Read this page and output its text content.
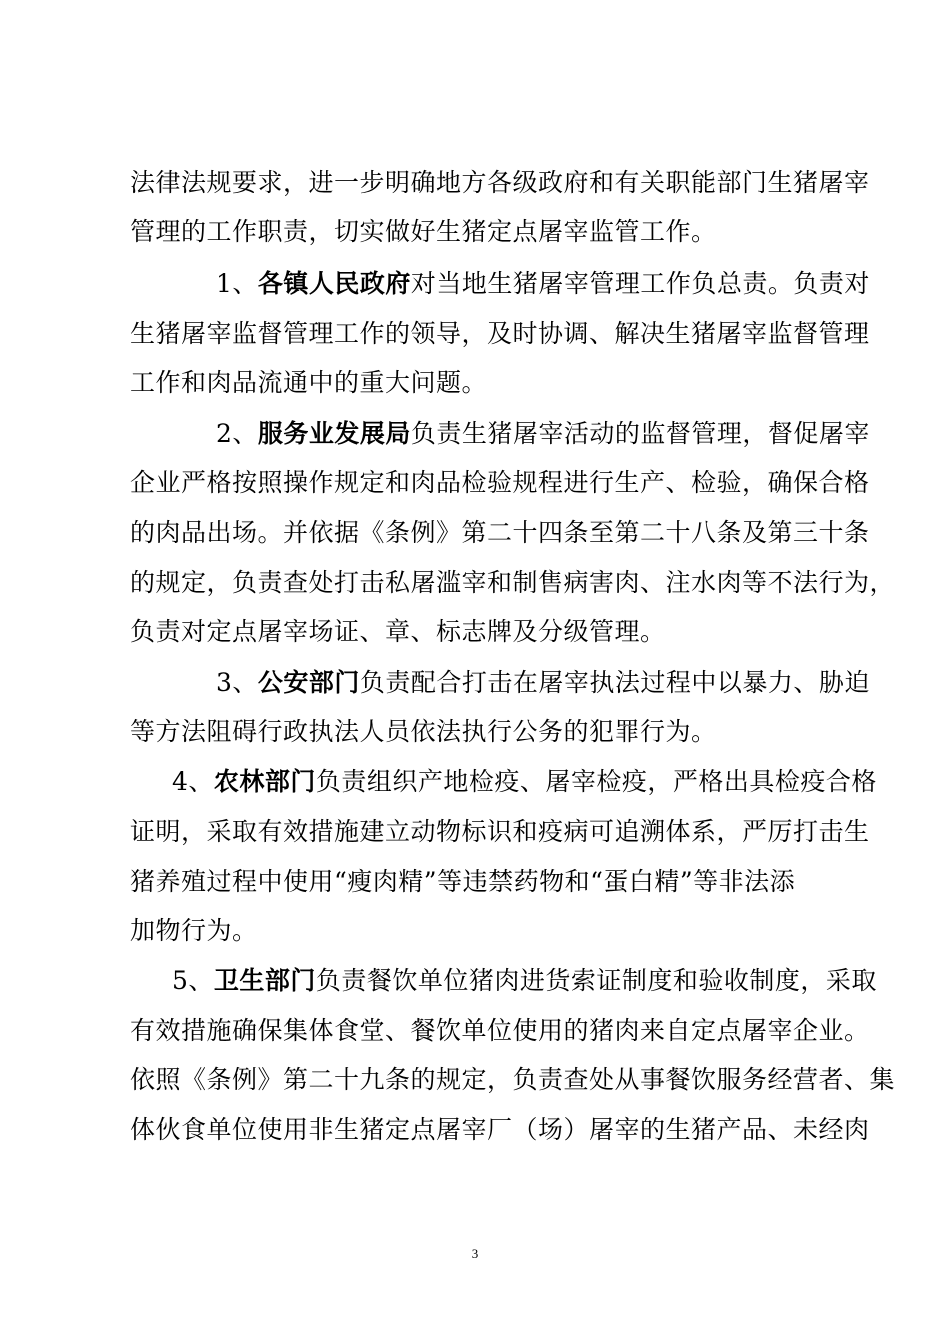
法律法规要求，进一步明确地方各级政府和有关职能部门生猪屠宰
管理的工作职责，切实做好生猪定点屠宰监管工作。
1、各镇人民政府对当地生猪屠宰管理工作负总责。负责对
生猪屠宰监督管理工作的领导，及时协调、解决生猪屠宰监督管理
工作和肉品流通中的重大问题。
2、服务业发展局负责生猪屠宰活动的监督管理，督促屠宰
企业严格按照操作规定和肉品检验规程进行生产、检验，确保合格
的肉品出场。并依据《条例》第二十四条至第二十八条及第三十条
的规定，负责查处打击私屠滥宰和制售病害肉、注水肉等不法行为，
负责对定点屠宰场证、章、标志牌及分级管理。
3、公安部门负责配合打击在屠宰执法过程中以暴力、胁迫
等方法阻碍行政执法人员依法执行公务的犯罪行为。
4、农林部门负责组织产地检疫、屠宰检疫，严格出具检疫合格
证明，采取有效措施建立动物标识和疫病可追溯体系，严厉打击生
猪养殖过程中使用“瘦肉精”等违禁药物和“蛋白精”等非法添
加物行为。
5、卫生部门负责餐饮单位猪肉进货索证制度和验收制度，采取
有效措施确保集体食堂、餐饮单位使用的猪肉来自定点屠宰企业。
依照《条例》第二十九条的规定，负责查处从事餐饮服务经营者、集
体伙食单位使用非生猪定点屠宰厂（场）屠宰的生猪产品、未经肉
3
